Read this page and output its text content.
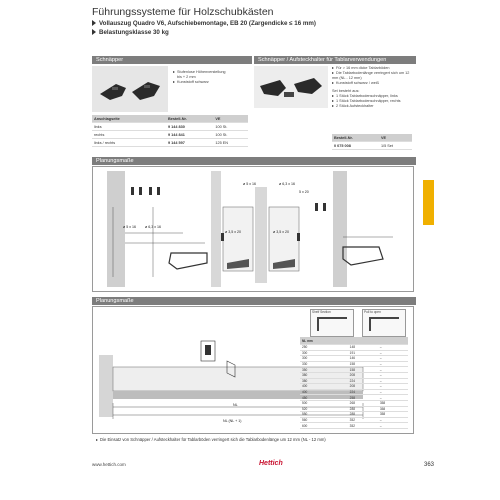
Führungssysteme für Holzschubkästen
Vollauszug Quadro V6, Aufschiebemontage, EB 20 (Zargendicke ≤ 16 mm)
Belastungsklasse 30 kg
Schnäpper
Stufenlose Höhenverstellung
bis + 2 mm
Kunststoff schwarz
Anschlagseite	Bestell-Nr.	VE
links	9 144 830	100 St.
rechts	9 144 841	100 St.
links / rechts	9 144 597	125 EN
Schnäpper / Aufsteckhalter für Tablarverwendungen
Für > 16 mm dicke Tablarböden
Die Tablarbodenlänge verringert sich um 12 mm (NL - 12 mm)
Kunststoff schwarz / weiß
Set besteht aus:
1 Stück Tablarbodenschnäpper, links
1 Stück Tablarbodenschnäpper, rechts
2 Stück Aufsteckhalter
Bestell-Nr.	VE
0 075 008	1/5 Set
Planungsmaße
ø 5 x 16	ø 6,3 x 16
ø 5 x 16	ø 6,3 x 16
ø 3,5 x 20	ø 3,5 x 20
5 x 20
Planungsmaße
NL
NL (NL + 1)
Shelf Section	Pull to open
NL mm		
250	148	–
300	191	–
300	146	–
330	158	–
350	158	–
380	208	–
380	224	–
400	208	–
400	224	–
450	258	–
500	268	358
520	288	358
550	288	358
560	352	–
600	352	–
Die Einsatz von Schnäpper / Aufsteckhalter für Tablarböden verringert sich die Tablarbodenlänge um 12 mm (NL - 12 mm)
www.hettich.com	Hettich	363
